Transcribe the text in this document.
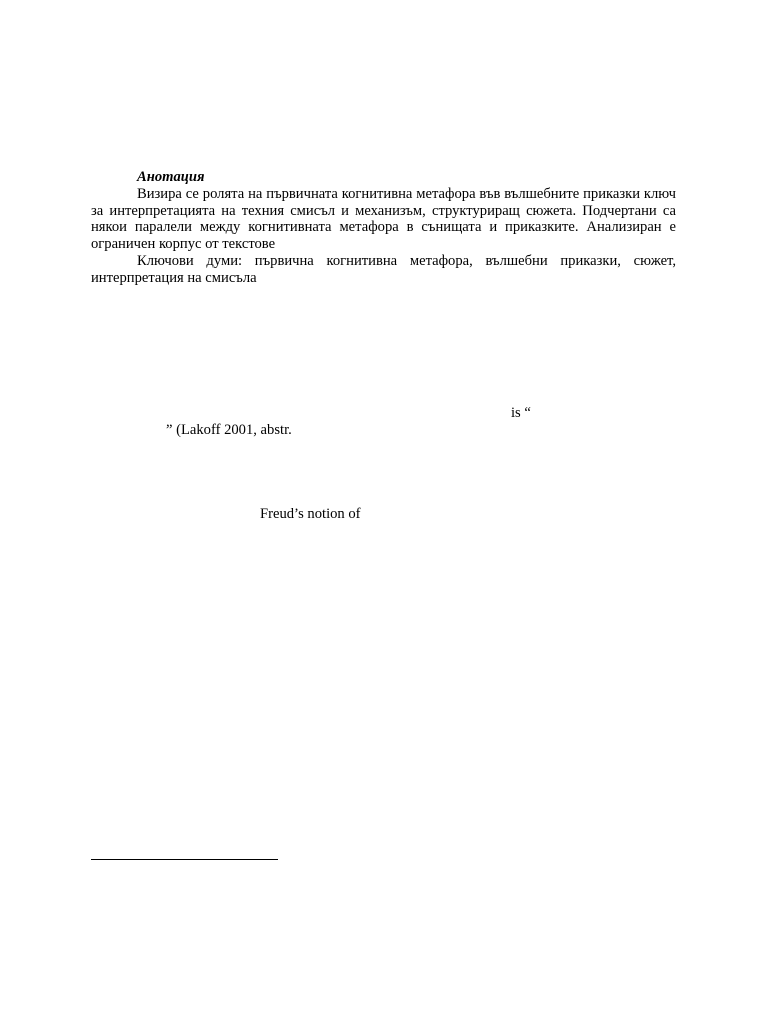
Анотация

Визира се ролята на първичната когнитивна метафора във вълшебните приказки ключ за интерпретацията на техния смисъл и механизъм, структуриращ сюжета. Подчертани са някои паралели между когнитивната метафора в сънищата и приказките. Анализиран е ограничен корпус от текстове

Ключови думи: първична когнитивна метафора, вълшебни приказки, сюжет, интерпретация на смисъла

is “
” (Lakoff 2001, abstr.
Freud’s notion of
